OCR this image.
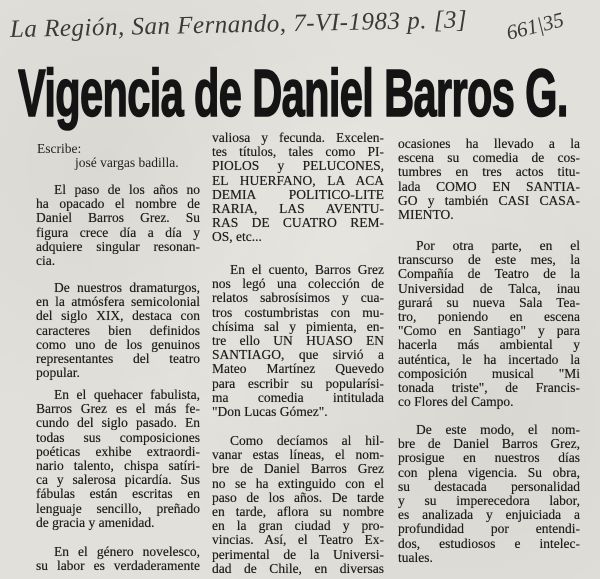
La Región, San Fernando, 7-VI-1983 p. [3] 661|35
Vigencia de Daniel Barros G.
Escribe:
josé vargas badilla.
El paso de los años no
ha opacado el nombre de
Daniel Barros Grez. Su
figura crece día a día y
adquiere singular resonan-
cia.
De nuestros dramaturgos,
en la atmósfera semicolonial
del siglo XIX, destaca con
caracteres bien definidos
como uno de los genuinos
representantes del teatro
popular.
En el quehacer fabulista,
Barros Grez es el más fe-
cundo del siglo pasado. En
todas sus composiciones
poéticas exhibe extraordi-
nario talento, chispa satíri-
ca y salerosa picardía. Sus
fábulas están escritas en
lenguaje sencillo, preñado
de gracia y amenidad.
En el género novelesco,
su labor es verdaderamente
valiosa y fecunda. Excelen-
tes títulos, tales como PI-
PIOLOS y PELUCONES,
EL HUERFANO, LA ACA
DEMIA POLITICO-LITE
RARIA, LAS AVENTU-
RAS DE CUATRO REM-
OS, etc...
En el cuento, Barros Grez
nos legó una colección de
relatos sabrosísimos y cua-
tros costumbristas con mu-
chísima sal y pimienta, en-
tre ello UN HUASO EN
SANTIAGO, que sirvió a
Mateo Martínez Quevedo
para escribir su popularísi-
ma comedia intitulada
"Don Lucas Gómez".
Como decíamos al hil-
vanar estas líneas, el nom-
bre de Daniel Barros Grez
no se ha extinguido con el
paso de los años. De tarde
en tarde, aflora su nombre
en la gran ciudad y pro-
vincias. Así, el Teatro Ex-
perimental de la Universi-
dad de Chile, en diversas
ocasiones ha llevado a la
escena su comedia de cos-
tumbres en tres actos titu-
lada COMO EN SANTIA-
GO y también CASI CASA-
MIENTO.
Por otra parte, en el
transcurso de este mes, la
Compañía de Teatro de la
Universidad de Talca, inau
gurará su nueva Sala Tea-
tro, poniendo en escena
"Como en Santiago" y para
hacerla más ambiental y
auténtica, le ha incertado la
composición musical "Mi
tonada triste", de Francis-
co Flores del Campo.
De este modo, el nom-
bre de Daniel Barros Grez,
prosigue en nuestros días
con plena vigencia. Su obra,
su destacada personalidad
y su imperecedora labor,
es analizada y enjuiciada a
profundidad por entendi-
dos, estudiosos e intelec-
tuales.
